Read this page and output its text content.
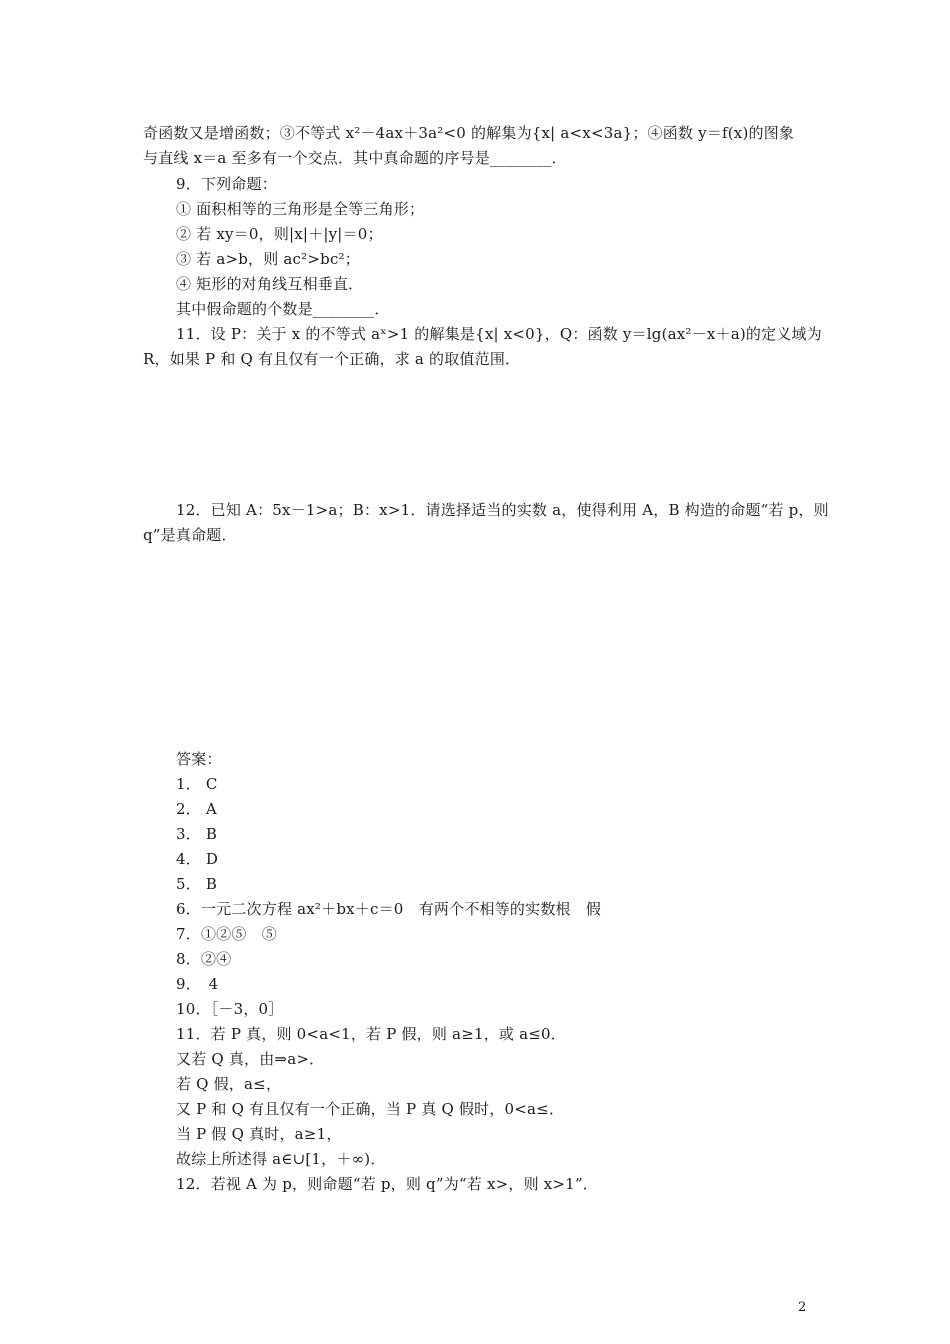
奇函数又是增函数；③不等式 x²－4ax＋3a²<0 的解集为{x| a<x<3a}；④函数 y＝f(x)的图象
与直线 x＝a 至多有一个交点．其中真命题的序号是________．
9．下列命题：
① 面积相等的三角形是全等三角形；
② 若 xy＝0，则|x|＋|y|＝0；
③ 若 a>b，则 ac²>bc²；
④ 矩形的对角线互相垂直．
其中假命题的个数是________．
11．设 P：关于 x 的不等式 aˣ>1 的解集是{x| x<0}，Q：函数 y＝lg(ax²－x＋a)的定义域为
R，如果 P 和 Q 有且仅有一个正确，求 a 的取值范围．
12．已知 A：5x－1>a；B：x>1．请选择适当的实数 a，使得利用 A，B 构造的命题“若 p，则
q”是真命题．
答案：
1． C
2． A
3． B
4． D
5． B
6．一元二次方程 ax²＋bx＋c＝0　有两个不相等的实数根　假
7．①②⑤　⑤
8．②④
9．　4
10．［－3，0］
11．若 P 真，则 0<a<1，若 P 假，则 a≥1，或 a≤0．
又若 Q 真，由⇒a>．
若 Q 假，a≤，
又 P 和 Q 有且仅有一个正确，当 P 真 Q 假时，0<a≤．
当 P 假 Q 真时，a≥1，
故综上所述得 a∈∪[1，＋∞)．
12．若视 A 为 p，则命题“若 p，则 q”为“若 x>，则 x>1”．
2
